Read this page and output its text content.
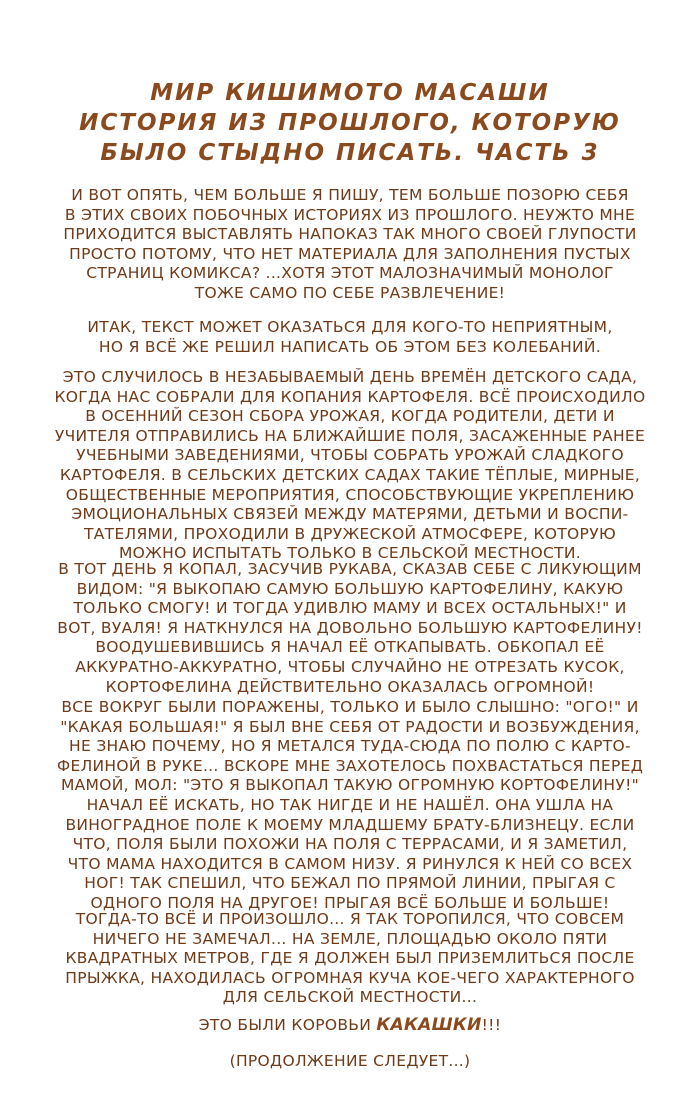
МИР КИШИМОТО МАСАШИ
ИСТОРИЯ ИЗ ПРОШЛОГО, КОТОРУЮ
БЫЛО СТЫДНО ПИСАТЬ. ЧАСТЬ 3
И ВОТ ОПЯТЬ, ЧЕМ БОЛЬШЕ Я ПИШУ, ТЕМ БОЛЬШЕ ПОЗОРЮ СЕБЯ
В ЭТИХ СВОИХ ПОБОЧНЫХ ИСТОРИЯХ ИЗ ПРОШЛОГО. НЕУЖТО МНЕ
ПРИХОДИТСЯ ВЫСТАВЛЯТЬ НАПОКАЗ ТАК МНОГО СВОЕЙ ГЛУПОСТИ
ПРОСТО ПОТОМУ, ЧТО НЕТ МАТЕРИАЛА ДЛЯ ЗАПОЛНЕНИЯ ПУСТЫХ
СТРАНИЦ КОМИКСА? ...ХОТЯ ЭТОТ МАЛОЗНАЧИМЫЙ МОНОЛОГ
ТОЖЕ САМО ПО СЕБЕ РАЗВЛЕЧЕНИЕ!
ИТАК, ТЕКСТ МОЖЕТ ОКАЗАТЬСЯ ДЛЯ КОГО-ТО НЕПРИЯТНЫМ,
НО Я ВСЁ ЖЕ РЕШИЛ НАПИСАТЬ ОБ ЭТОМ БЕЗ КОЛЕБАНИЙ.
ЭТО СЛУЧИЛОСЬ В НЕЗАБЫВАЕМЫЙ ДЕНЬ ВРЕМЁН ДЕТСКОГО САДА,
КОГДА НАС СОБРАЛИ ДЛЯ КОПАНИЯ КАРТОФЕЛЯ. ВСЁ ПРОИСХОДИЛО
В ОСЕННИЙ СЕЗОН СБОРА УРОЖАЯ, КОГДА РОДИТЕЛИ, ДЕТИ И
УЧИТЕЛЯ ОТПРАВИЛИСЬ НА БЛИЖАЙШИЕ ПОЛЯ, ЗАСАЖЕННЫЕ РАНЕЕ
УЧЕБНЫМИ ЗАВЕДЕНИЯМИ, ЧТОБЫ СОБРАТЬ УРОЖАЙ СЛАДКОГО
КАРТОФЕЛЯ. В СЕЛЬСКИХ ДЕТСКИХ САДАХ ТАКИЕ ТЁПЛЫЕ, МИРНЫЕ,
ОБЩЕСТВЕННЫЕ МЕРОПРИЯТИЯ, СПОСОБСТВУЮЩИЕ УКРЕПЛЕНИЮ
ЭМОЦИОНАЛЬНЫХ СВЯЗЕЙ МЕЖДУ МАТЕРЯМИ, ДЕТЬМИ И ВОСПИ-
ТАТЕЛЯМИ, ПРОХОДИЛИ В ДРУЖЕСКОЙ АТМОСФЕРЕ, КОТОРУЮ
МОЖНО ИСПЫТАТЬ ТОЛЬКО В СЕЛЬСКОЙ МЕСТНОСТИ.
В ТОТ ДЕНЬ Я КОПАЛ, ЗАСУЧИВ РУКАВА, СКАЗАВ СЕБЕ С ЛИКУЮЩИМ
ВИДОМ: "Я ВЫКОПАЮ САМУЮ БОЛЬШУЮ КАРТОФЕЛИНУ, КАКУЮ
ТОЛЬКО СМОГУ! И ТОГДА УДИВЛЮ МАМУ И ВСЕХ ОСТАЛЬНЫХ!" И
ВОТ, ВУАЛЯ! Я НАТКНУЛСЯ НА ДОВОЛЬНО БОЛЬШУЮ КАРТОФЕЛИНУ!
ВООДУШЕВИВШИСЬ Я НАЧАЛ ЕЁ ОТКАПЫВАТЬ. ОБКОПАЛ ЕЁ
АККУРАТНО-АККУРАТНО, ЧТОБЫ СЛУЧАЙНО НЕ ОТРЕЗАТЬ КУСОК,
КОРТОФЕЛИНА ДЕЙСТВИТЕЛЬНО ОКАЗАЛАСЬ ОГРОМНОЙ!
ВСЕ ВОКРУГ БЫЛИ ПОРАЖЕНЫ, ТОЛЬКО И БЫЛО СЛЫШНО: "ОГО!" И
"КАКАЯ БОЛЬШАЯ!" Я БЫЛ ВНЕ СЕБЯ ОТ РАДОСТИ И ВОЗБУЖДЕНИЯ,
НЕ ЗНАЮ ПОЧЕМУ, НО Я МЕТАЛСЯ ТУДА-СЮДА ПО ПОЛЮ С КАРТО-
ФЕЛИНОЙ В РУКЕ... ВСКОРЕ МНЕ ЗАХОТЕЛОСЬ ПОХВАСТАТЬСЯ ПЕРЕД
МАМОЙ, МОЛ: "ЭТО Я ВЫКОПАЛ ТАКУЮ ОГРОМНУЮ КОРТОФЕЛИНУ!"
НАЧАЛ ЕЁ ИСКАТЬ, НО ТАК НИГДЕ И НЕ НАШЁЛ. ОНА УШЛА НА
ВИНОГРАДНОЕ ПОЛЕ К МОЕМУ МЛАДШЕМУ БРАТУ-БЛИЗНЕЦУ. ЕСЛИ
ЧТО, ПОЛЯ БЫЛИ ПОХОЖИ НА ПОЛЯ С ТЕРРАСАМИ, И Я ЗАМЕТИЛ,
ЧТО МАМА НАХОДИТСЯ В САМОМ НИЗУ. Я РИНУЛСЯ К НЕЙ СО ВСЕХ
НОГ! ТАК СПЕШИЛ, ЧТО БЕЖАЛ ПО ПРЯМОЙ ЛИНИИ, ПРЫГАЯ С
ОДНОГО ПОЛЯ НА ДРУГОЕ! ПРЫГАЯ ВСЁ БОЛЬШЕ И БОЛЬШЕ!
ТОГДА-ТО ВСЁ И ПРОИЗОШЛО... Я ТАК ТОРОПИЛСЯ, ЧТО СОВСЕМ
НИЧЕГО НЕ ЗАМЕЧАЛ... НА ЗЕМЛЕ, ПЛОЩАДЬЮ ОКОЛО ПЯТИ
КВАДРАТНЫХ МЕТРОВ, ГДЕ Я ДОЛЖЕН БЫЛ ПРИЗЕМЛИТЬСЯ ПОСЛЕ
ПРЫЖКА, НАХОДИЛАСЬ ОГРОМНАЯ КУЧА КОЕ-ЧЕГО ХАРАКТЕРНОГО
ДЛЯ СЕЛЬСКОЙ МЕСТНОСТИ...
ЭТО БЫЛИ КОРОВЬИ КАКАШКИ!!!
(ПРОДОЛЖЕНИЕ СЛЕДУЕТ...)
